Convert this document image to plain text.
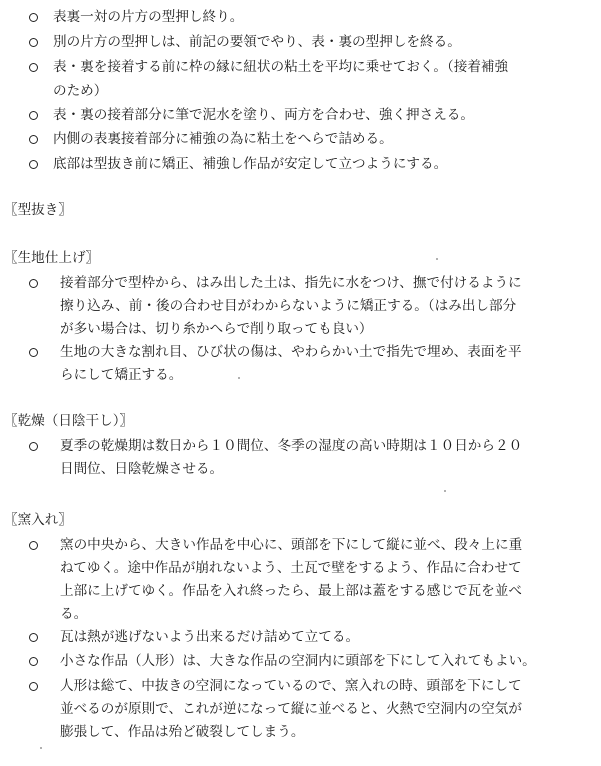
表裏一対の片方の型押し終り。
別の片方の型押しは、前記の要領でやり、表・裏の型押しを終る。
表・裏を接着する前に枠の縁に紐状の粘土を平均に乗せておく。（接着補強
のため）
表・裏の接着部分に筆で泥水を塗り、両方を合わせ、強く押さえる。
内側の表裏接着部分に補強の為に粘土をへらで詰める。
底部は型抜き前に矯正、補強し作品が安定して立つようにする。
〖型抜き〗
〖生地仕上げ〗
接着部分で型枠から、はみ出した土は、指先に水をつけ、撫で付けるように
擦り込み、前・後の合わせ目がわからないように矯正する。（はみ出し部分
が多い場合は、切り糸かへらで削り取っても良い）
生地の大きな割れ目、ひび状の傷は、やわらかい土で指先で埋め、表面を平
らにして矯正する。
〖乾燥（日陰干し）〗
夏季の乾燥期は数日から１０間位、冬季の湿度の高い時期は１０日から２０
日間位、日陰乾燥させる。
〖窯入れ〗
窯の中央から、大きい作品を中心に、頭部を下にして縦に並べ、段々上に重
ねてゆく。途中作品が崩れないよう、土瓦で壁をするよう、作品に合わせて
上部に上げてゆく。作品を入れ終ったら、最上部は蓋をする感じで瓦を並べ
る。
瓦は熱が逃げないよう出来るだけ詰めて立てる。
小さな作品（人形）は、大きな作品の空洞内に頭部を下にして入れてもよい。
人形は総て、中抜きの空洞になっているので、窯入れの時、頭部を下にして
並べるのが原則で、これが逆になって縦に並べると、火熱で空洞内の空気が
膨張して、作品は殆ど破裂してしまう。
